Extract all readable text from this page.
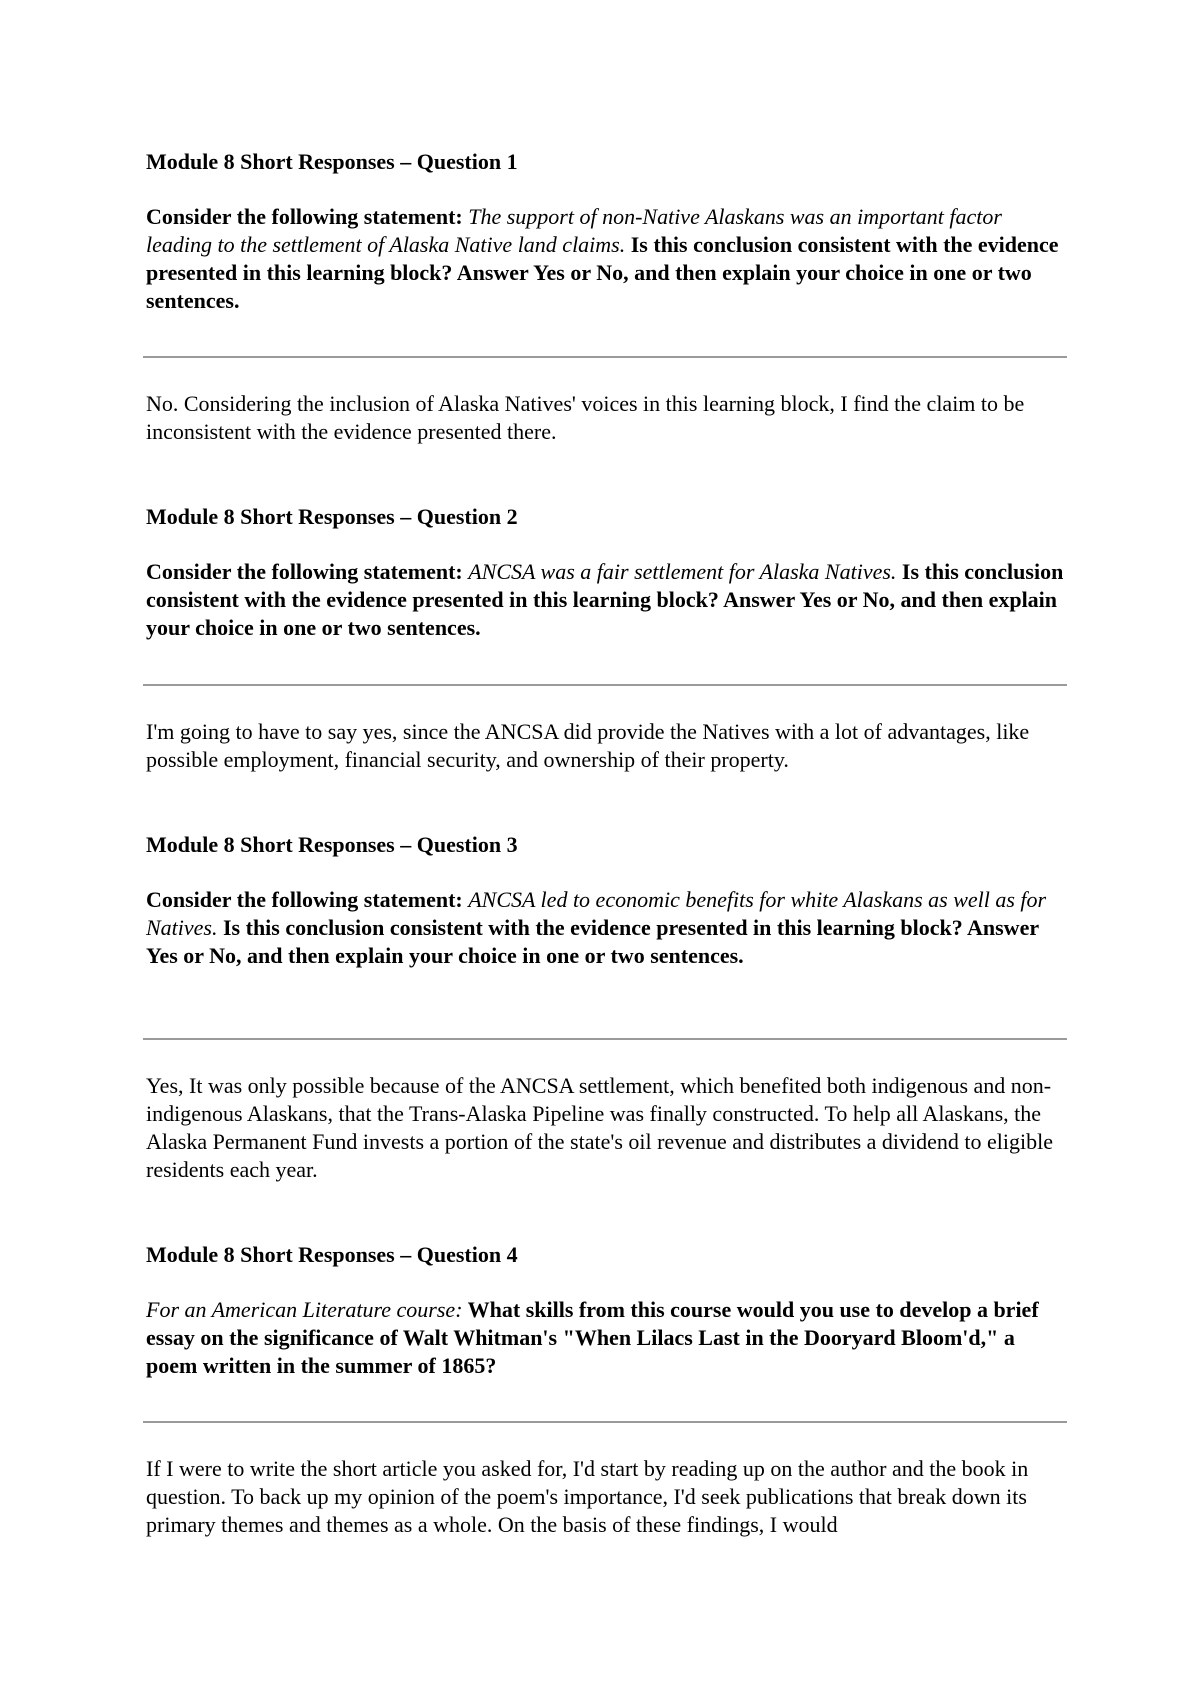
Module 8 Short Responses – Question 1

Consider the following statement: The support of non-Native Alaskans was an important factor leading to the settlement of Alaska Native land claims. Is this conclusion consistent with the evidence presented in this learning block? Answer Yes or No, and then explain your choice in one or two sentences.

No. Considering the inclusion of Alaska Natives' voices in this learning block, I find the claim to be inconsistent with the evidence presented there.

Module 8 Short Responses – Question 2

Consider the following statement: ANCSA was a fair settlement for Alaska Natives. Is this conclusion consistent with the evidence presented in this learning block? Answer Yes or No, and then explain your choice in one or two sentences.

I'm going to have to say yes, since the ANCSA did provide the Natives with a lot of advantages, like possible employment, financial security, and ownership of their property.

Module 8 Short Responses – Question 3

Consider the following statement: ANCSA led to economic benefits for white Alaskans as well as for Natives. Is this conclusion consistent with the evidence presented in this learning block? Answer Yes or No, and then explain your choice in one or two sentences.

Yes, It was only possible because of the ANCSA settlement, which benefited both indigenous and non-indigenous Alaskans, that the Trans-Alaska Pipeline was finally constructed. To help all Alaskans, the Alaska Permanent Fund invests a portion of the state's oil revenue and distributes a dividend to eligible residents each year.

Module 8 Short Responses – Question 4

For an American Literature course: What skills from this course would you use to develop a brief essay on the significance of Walt Whitman's "When Lilacs Last in the Dooryard Bloom'd," a poem written in the summer of 1865?

If I were to write the short article you asked for, I'd start by reading up on the author and the book in question. To back up my opinion of the poem's importance, I'd seek publications that break down its primary themes and themes as a whole. On the basis of these findings, I would
